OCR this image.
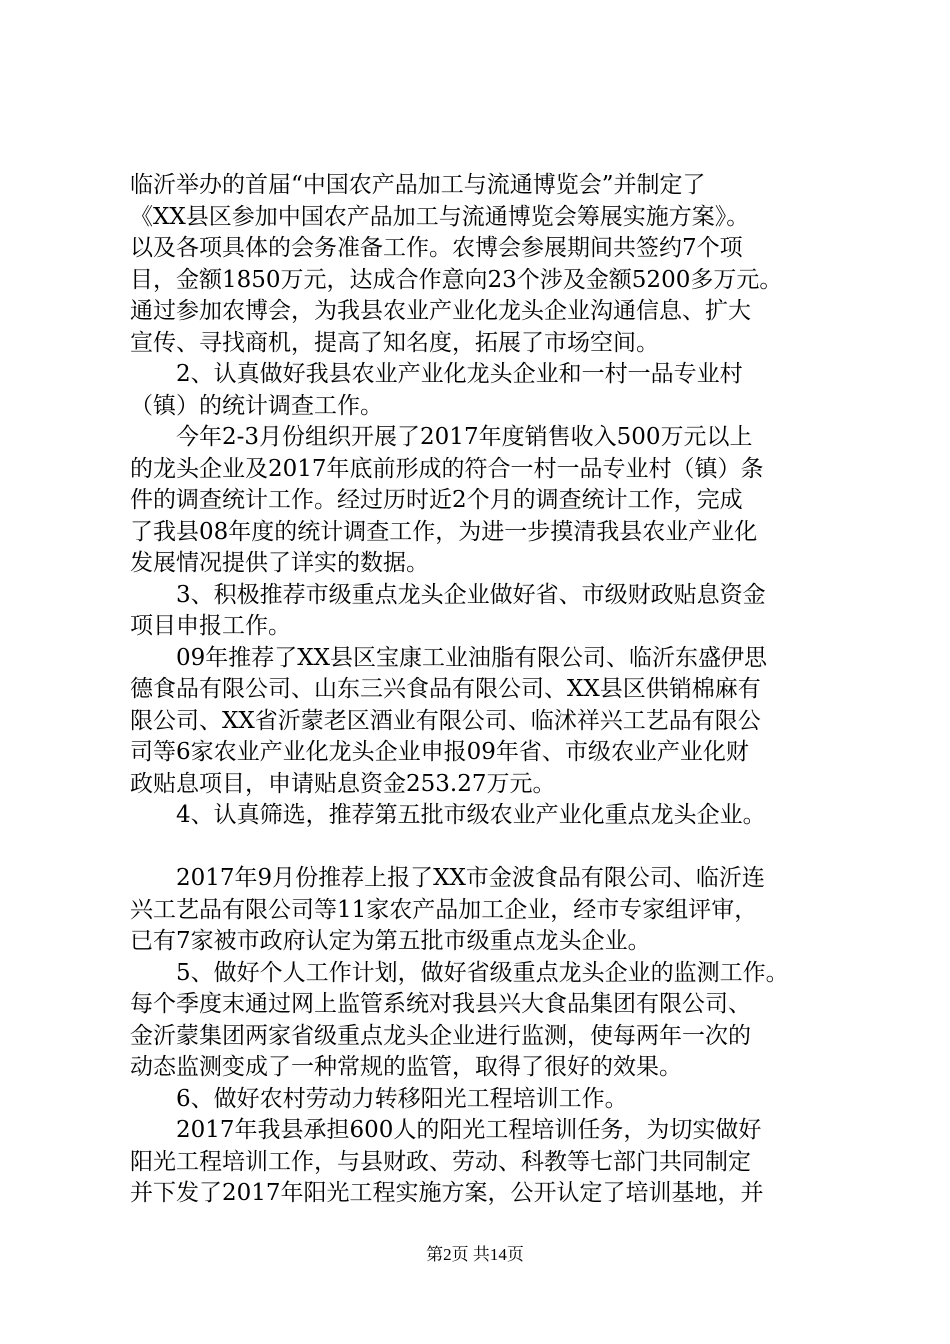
临沂举办的首届“中国农产品加工与流通博览会”并制定了
《XX县区参加中国农产品加工与流通博览会筹展实施方案》。
以及各项具体的会务准备工作。农博会参展期间共签约7个项
目，金额1850万元，达成合作意向23个涉及金额5200多万元。
通过参加农博会，为我县农业产业化龙头企业沟通信息、扩大
宣传、寻找商机，提高了知名度，拓展了市场空间。
2、认真做好我县农业产业化龙头企业和一村一品专业村
（镇）的统计调查工作。
今年2-3月份组织开展了2017年度销售收入500万元以上
的龙头企业及2017年底前形成的符合一村一品专业村（镇）条
件的调查统计工作。经过历时近2个月的调查统计工作，完成
了我县08年度的统计调查工作，为进一步摸清我县农业产业化
发展情况提供了详实的数据。
3、积极推荐市级重点龙头企业做好省、市级财政贴息资金
项目申报工作。
09年推荐了XX县区宝康工业油脂有限公司、临沂东盛伊思
德食品有限公司、山东三兴食品有限公司、XX县区供销棉麻有
限公司、XX省沂蒙老区酒业有限公司、临沭祥兴工艺品有限公
司等6家农业产业化龙头企业申报09年省、市级农业产业化财
政贴息项目，申请贴息资金253.27万元。
4、认真筛选，推荐第五批市级农业产业化重点龙头企业。
2017年9月份推荐上报了XX市金波食品有限公司、临沂连
兴工艺品有限公司等11家农产品加工企业，经市专家组评审，
已有7家被市政府认定为第五批市级重点龙头企业。
5、做好个人工作计划，做好省级重点龙头企业的监测工作。
每个季度末通过网上监管系统对我县兴大食品集团有限公司、
金沂蒙集团两家省级重点龙头企业进行监测，使每两年一次的
动态监测变成了一种常规的监管，取得了很好的效果。
6、做好农村劳动力转移阳光工程培训工作。
2017年我县承担600人的阳光工程培训任务，为切实做好
阳光工程培训工作，与县财政、劳动、科教等七部门共同制定
并下发了2017年阳光工程实施方案，公开认定了培训基地，并
第2页 共14页
